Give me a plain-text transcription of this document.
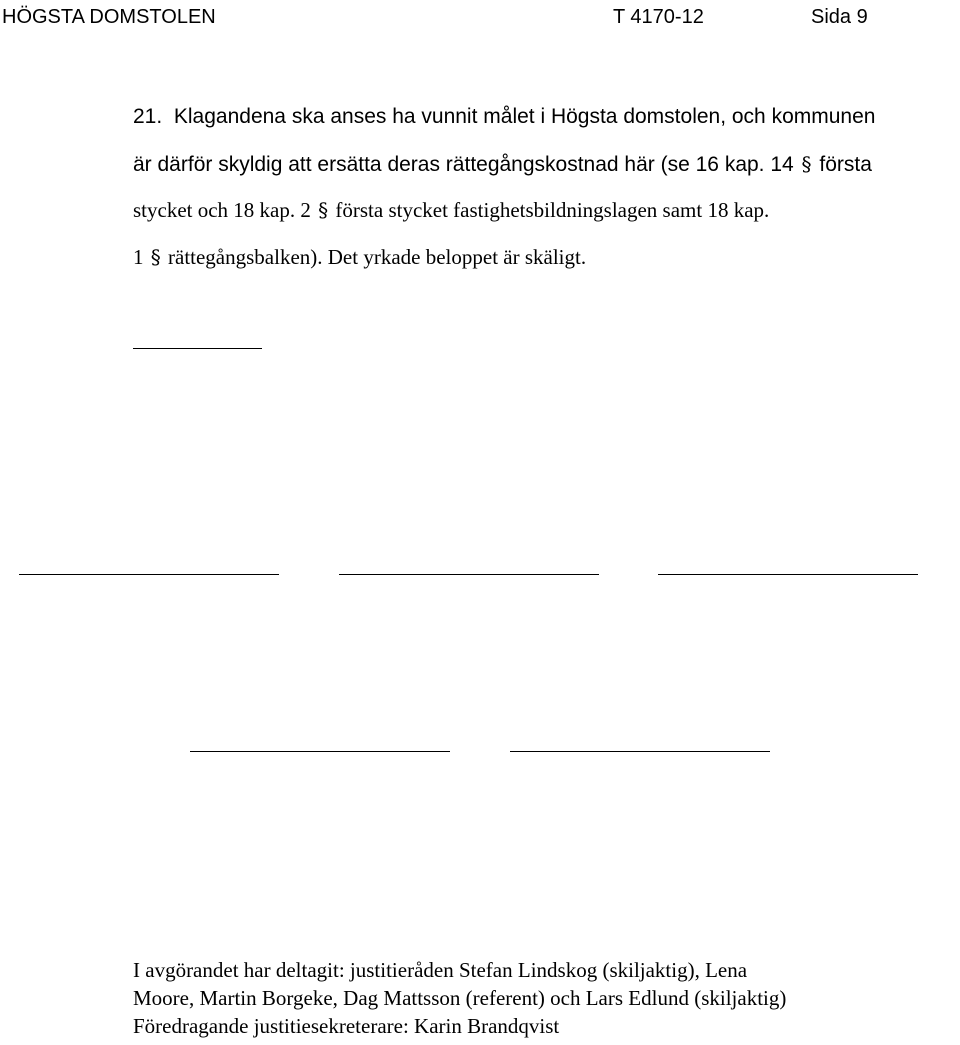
HÖGSTA DOMSTOLEN	T 4170-12	Sida 9
21. Klagandena ska anses ha vunnit målet i Högsta domstolen, och kommunen
är därför skyldig att ersätta deras rättegångskostnad här (se 16 kap. 14 § första
stycket och 18 kap. 2 § första stycket fastighetsbildningslagen samt 18 kap.
1 § rättegångsbalken). Det yrkade beloppet är skäligt.
I avgörandet har deltagit: justitieråden Stefan Lindskog (skiljaktig), Lena
Moore, Martin Borgeke, Dag Mattsson (referent) och Lars Edlund (skiljaktig)
Föredragande justitiesekreterare: Karin Brandqvist
